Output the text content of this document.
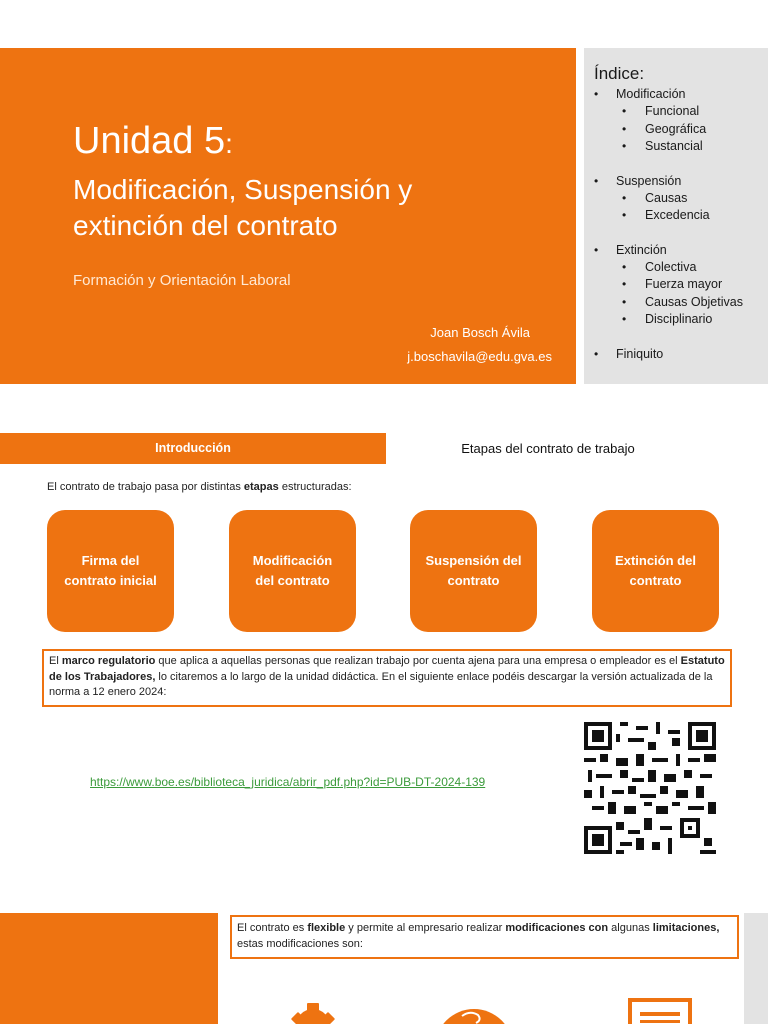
Unidad 5:
Modificación, Suspensión y
extinción del contrato
Formación y Orientación Laboral
Joan Bosch Ávila
j.boschavila@edu.gva.es
Índice:
• Modificación
• Funcional
• Geográfica
• Sustancial
• Suspensión
• Causas
• Excedencia
• Extinción
• Colectiva
• Fuerza mayor
• Causas Objetivas
• Disciplinario
• Finiquito
Introducción	Etapas del contrato de trabajo
El contrato de trabajo pasa por distintas etapas estructuradas:
Firma del
contrato inicial
Modificación
del contrato
Suspensión del
contrato
Extinción del
contrato
El marco regulatorio que aplica a aquellas personas que realizan trabajo por cuenta ajena para una empresa o empleador es el Estatuto de los Trabajadores, lo citaremos a lo largo de la unidad didáctica. En el siguiente enlace podéis descargar la versión actualizada de la norma a 12 enero 2024:
https://www.boe.es/biblioteca_juridica/abrir_pdf.php?id=PUB-DT-2024-139
El contrato es flexible y permite al empresario realizar modificaciones con algunas limitaciones, estas modificaciones son:
